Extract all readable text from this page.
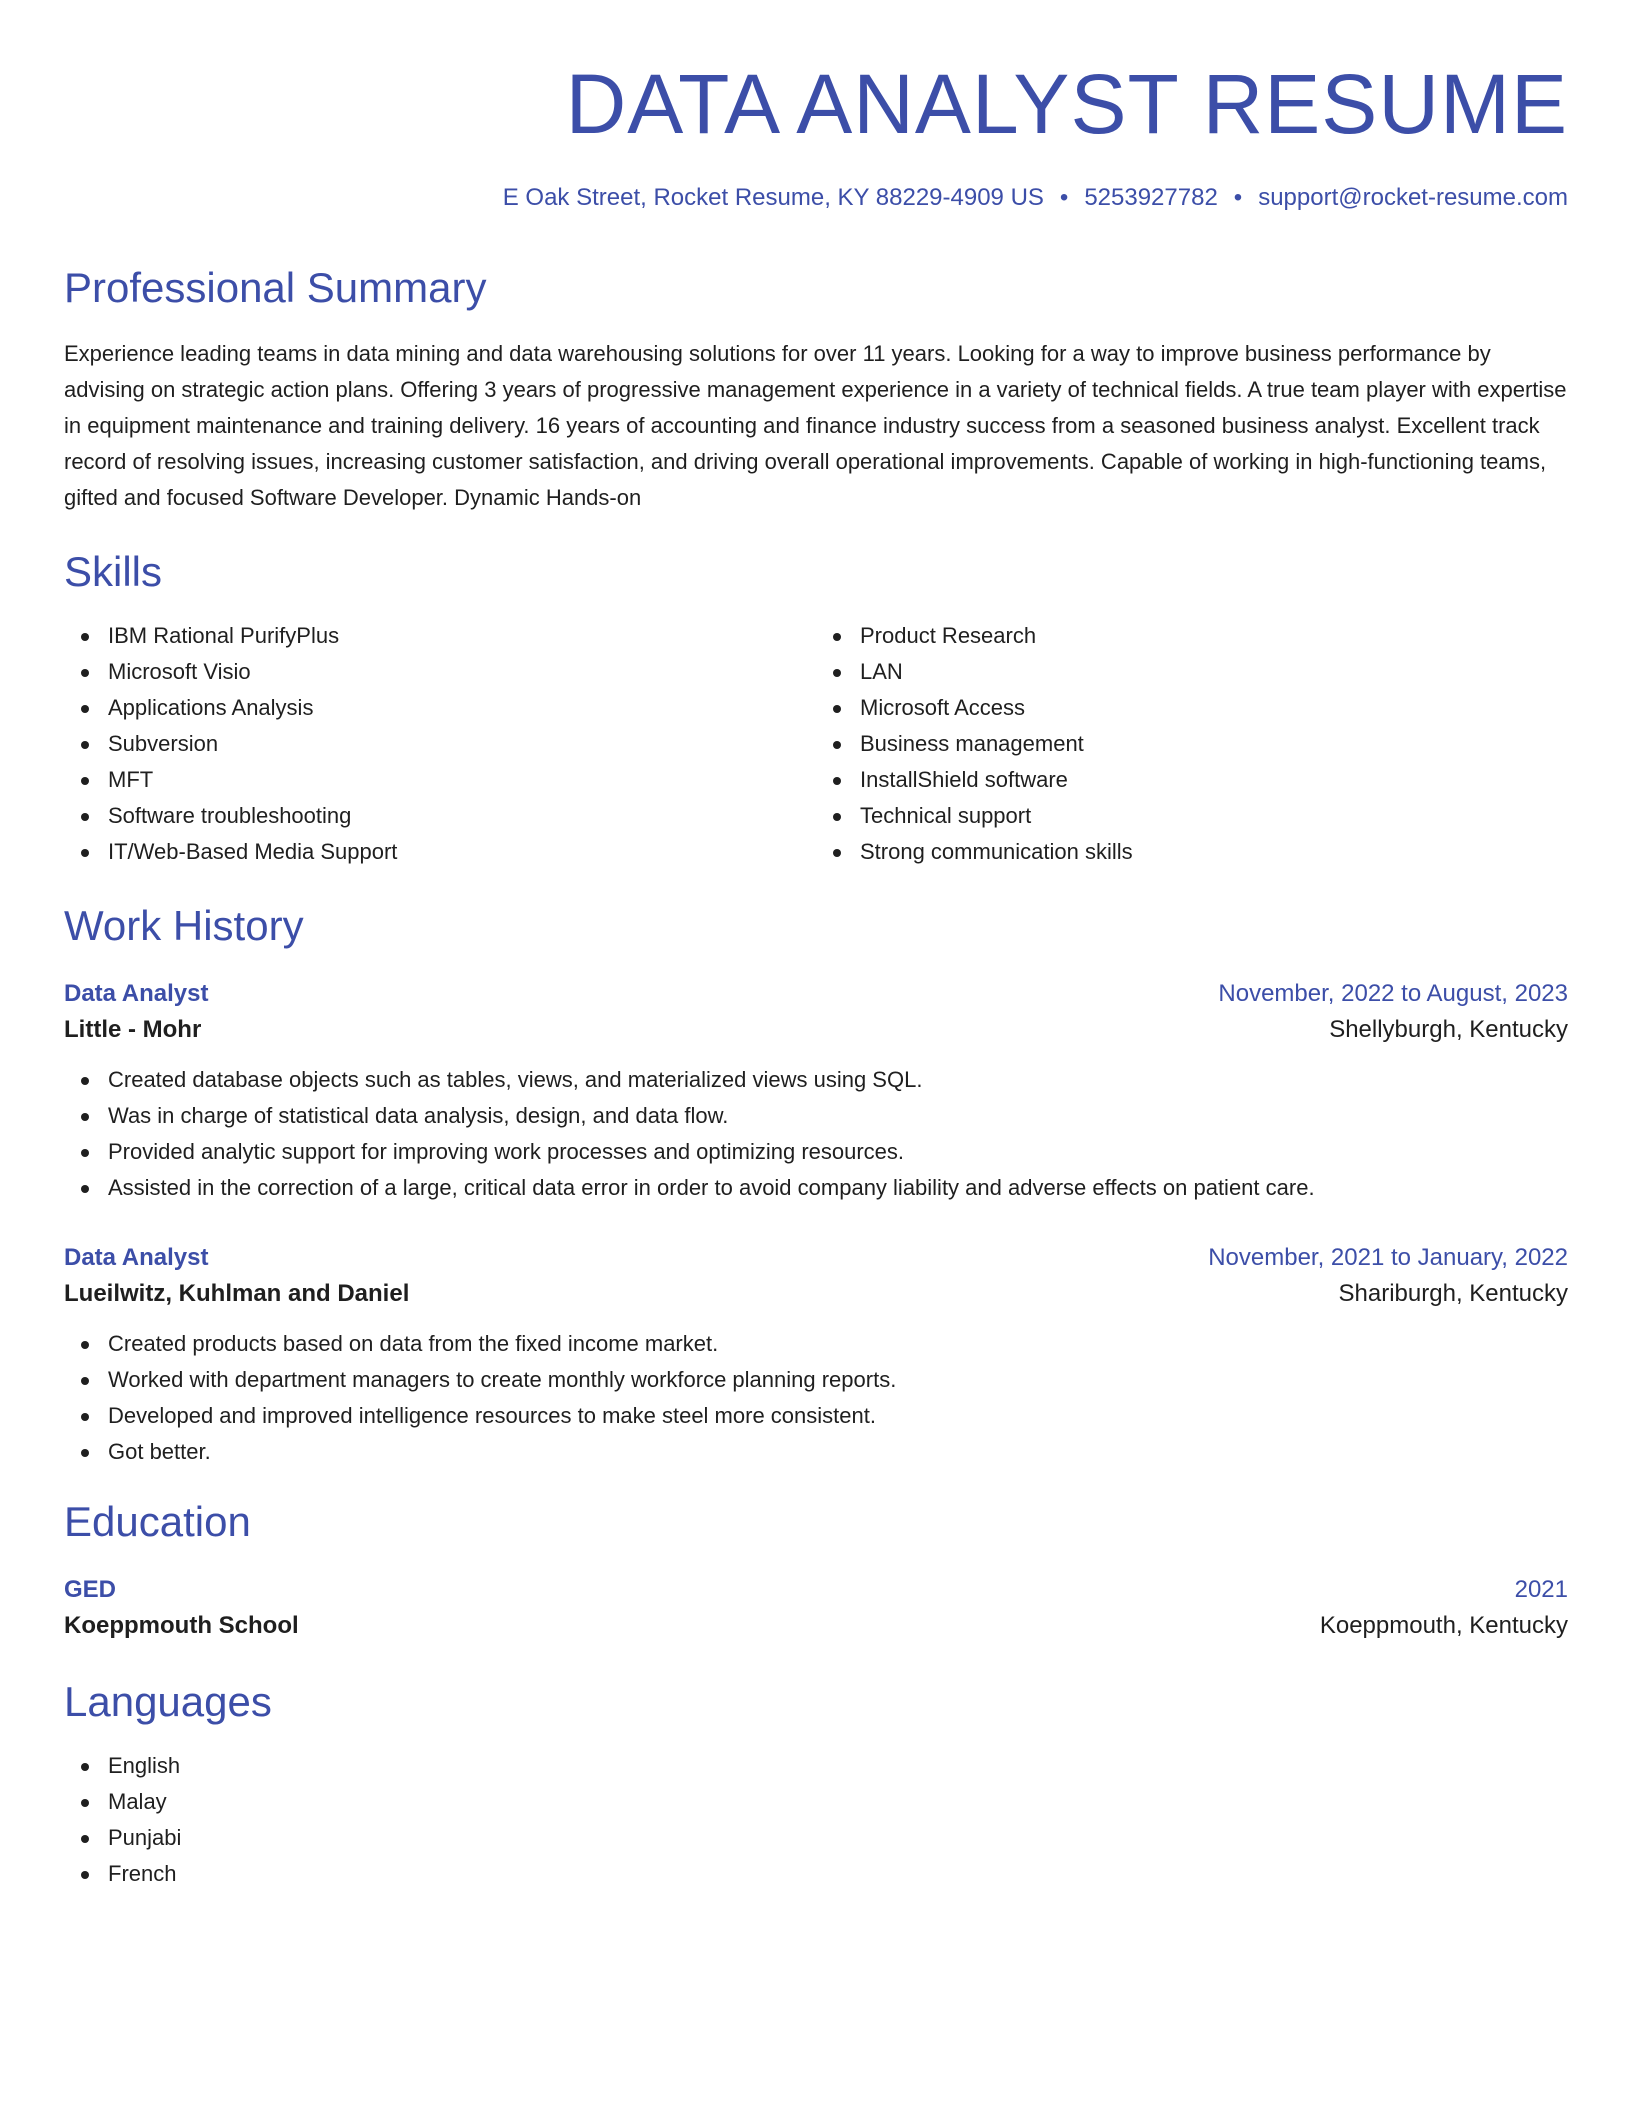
DATA ANALYST RESUME
E Oak Street, Rocket Resume, KY 88229-4909 US • 5253927782 • support@rocket-resume.com
Professional Summary

Experience leading teams in data mining and data warehousing solutions for over 11 years. Looking for a way to improve business performance by advising on strategic action plans. Offering 3 years of progressive management experience in a variety of technical fields. A true team player with expertise in equipment maintenance and training delivery. 16 years of accounting and finance industry success from a seasoned business analyst. Excellent track record of resolving issues, increasing customer satisfaction, and driving overall operational improvements. Capable of working in high-functioning teams, gifted and focused Software Developer. Dynamic Hands-on

Skills
IBM Rational PurifyPlus
Microsoft Visio
Applications Analysis
Subversion
MFT
Software troubleshooting
IT/Web-Based Media Support
Product Research
LAN
Microsoft Access
Business management
InstallShield software
Technical support
Strong communication skills
Work History
Data Analyst	November, 2022 to August, 2023
Little - Mohr	Shellyburgh, Kentucky
Created database objects such as tables, views, and materialized views using SQL.
Was in charge of statistical data analysis, design, and data flow.
Provided analytic support for improving work processes and optimizing resources.
Assisted in the correction of a large, critical data error in order to avoid company liability and adverse effects on patient care.
Data Analyst	November, 2021 to January, 2022
Lueilwitz, Kuhlman and Daniel	Shariburgh, Kentucky
Created products based on data from the fixed income market.
Worked with department managers to create monthly workforce planning reports.
Developed and improved intelligence resources to make steel more consistent.
Got better.
Education
GED	2021
Koeppmouth School	Koeppmouth, Kentucky
Languages
English
Malay
Punjabi
French
